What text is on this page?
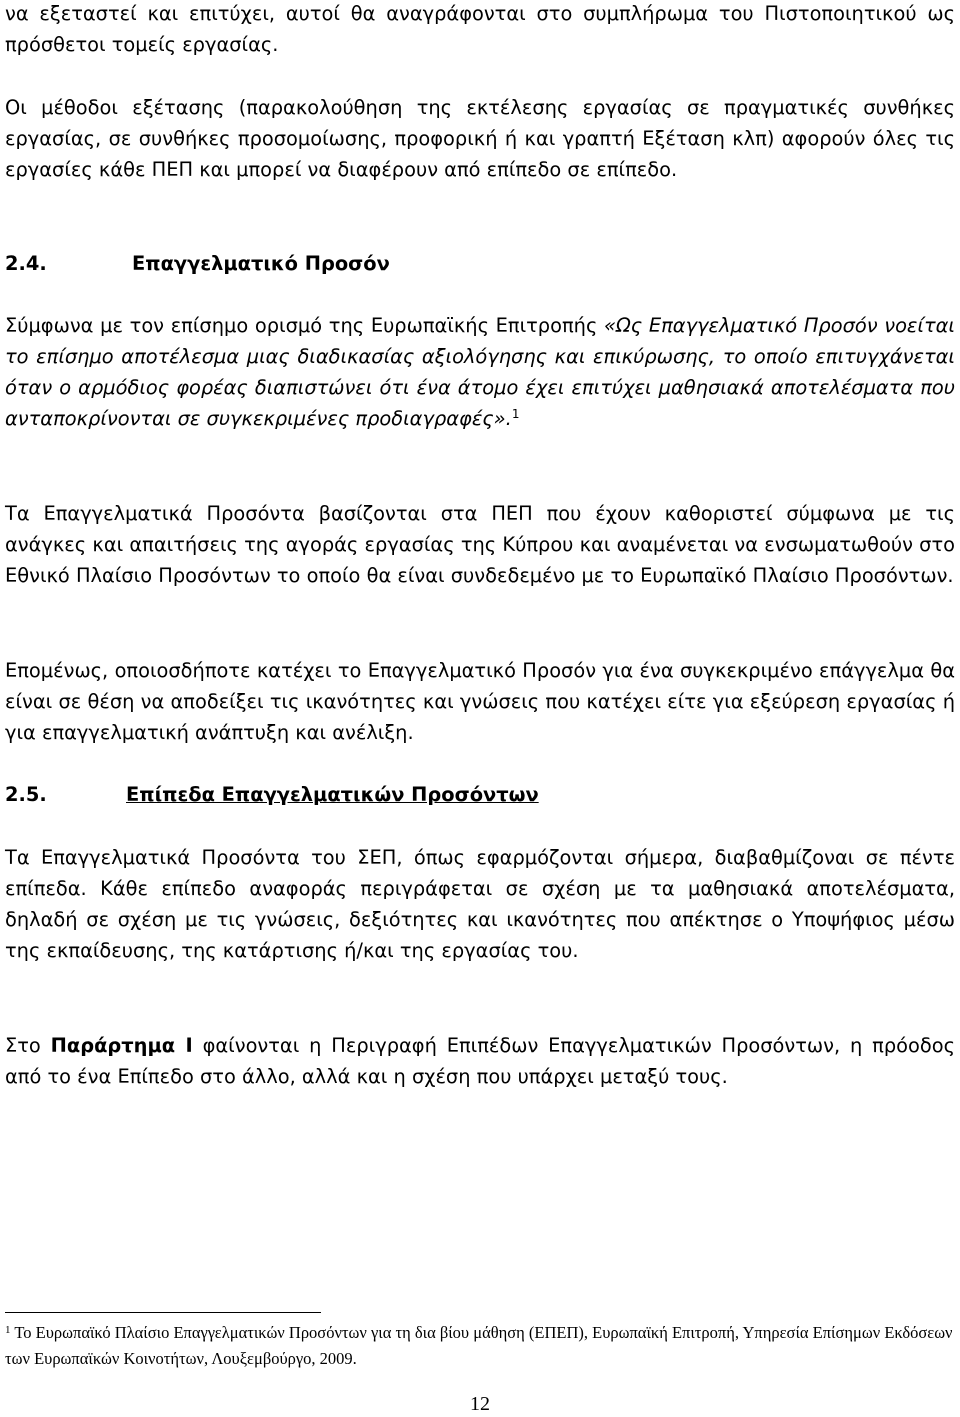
να εξεταστεί και επιτύχει, αυτοί θα αναγράφονται στο συμπλήρωμα του Πιστοποιητικού ως πρόσθετοι τομείς εργασίας.

Οι μέθοδοι εξέτασης (παρακολούθηση της εκτέλεσης εργασίας σε πραγματικές συνθήκες εργασίας, σε συνθήκες προσομοίωσης, προφορική ή και γραπτή Εξέταση κλπ) αφορούν όλες τις εργασίες κάθε ΠΕΠ και μπορεί να διαφέρουν από επίπεδο σε επίπεδο.

2.4.	Επαγγελματικό Προσόν

Σύμφωνα με τον επίσημο ορισμό της Ευρωπαϊκής Επιτροπής «Ως Επαγγελματικό Προσόν νοείται το επίσημο αποτέλεσμα μιας διαδικασίας αξιολόγησης και επικύρωσης, το οποίο επιτυγχάνεται όταν ο αρμόδιος φορέας διαπιστώνει ότι ένα άτομο έχει επιτύχει μαθησιακά αποτελέσματα που ανταποκρίνονται σε συγκεκριμένες προδιαγραφές».$^1$

Τα Επαγγελματικά Προσόντα βασίζονται στα ΠΕΠ που έχουν καθοριστεί σύμφωνα με τις ανάγκες και απαιτήσεις της αγοράς εργασίας της Κύπρου και αναμένεται να ενσωματωθούν στο Εθνικό Πλαίσιο Προσόντων το οποίο θα είναι συνδεδεμένο με το Ευρωπαϊκό Πλαίσιο Προσόντων.

Επομένως, οποιοσδήποτε κατέχει το Επαγγελματικό Προσόν για ένα συγκεκριμένο επάγγελμα θα είναι σε θέση να αποδείξει τις ικανότητες και γνώσεις που κατέχει είτε για εξεύρεση εργασίας ή για επαγγελματική ανάπτυξη και ανέλιξη.

2.5.	Επίπεδα Επαγγελματικών Προσόντων

Τα Επαγγελματικά Προσόντα του ΣΕΠ, όπως εφαρμόζονται σήμερα, διαβαθμίζοναι σε πέντε επίπεδα. Κάθε επίπεδο αναφοράς περιγράφεται σε σχέση με τα μαθησιακά αποτελέσματα, δηλαδή σε σχέση με τις γνώσεις, δεξιότητες και ικανότητες που απέκτησε ο Υποψήφιος μέσω της εκπαίδευσης, της κατάρτισης ή/και της εργασίας του.

Στο Παράρτημα Ι φαίνονται η Περιγραφή Επιπέδων Επαγγελματικών Προσόντων, η πρόοδος από το ένα Επίπεδο στο άλλο, αλλά και η σχέση που υπάρχει μεταξύ τους.

$^1$ Το Ευρωπαϊκό Πλαίσιο Επαγγελματικών Προσόντων για τη δια βίου μάθηση (ΕΠΕΠ), Ευρωπαϊκή Επιτροπή, Υπηρεσία Επίσημων Εκδόσεων των Ευρωπαϊκών Κοινοτήτων, Λουξεμβούργο, 2009.

12
